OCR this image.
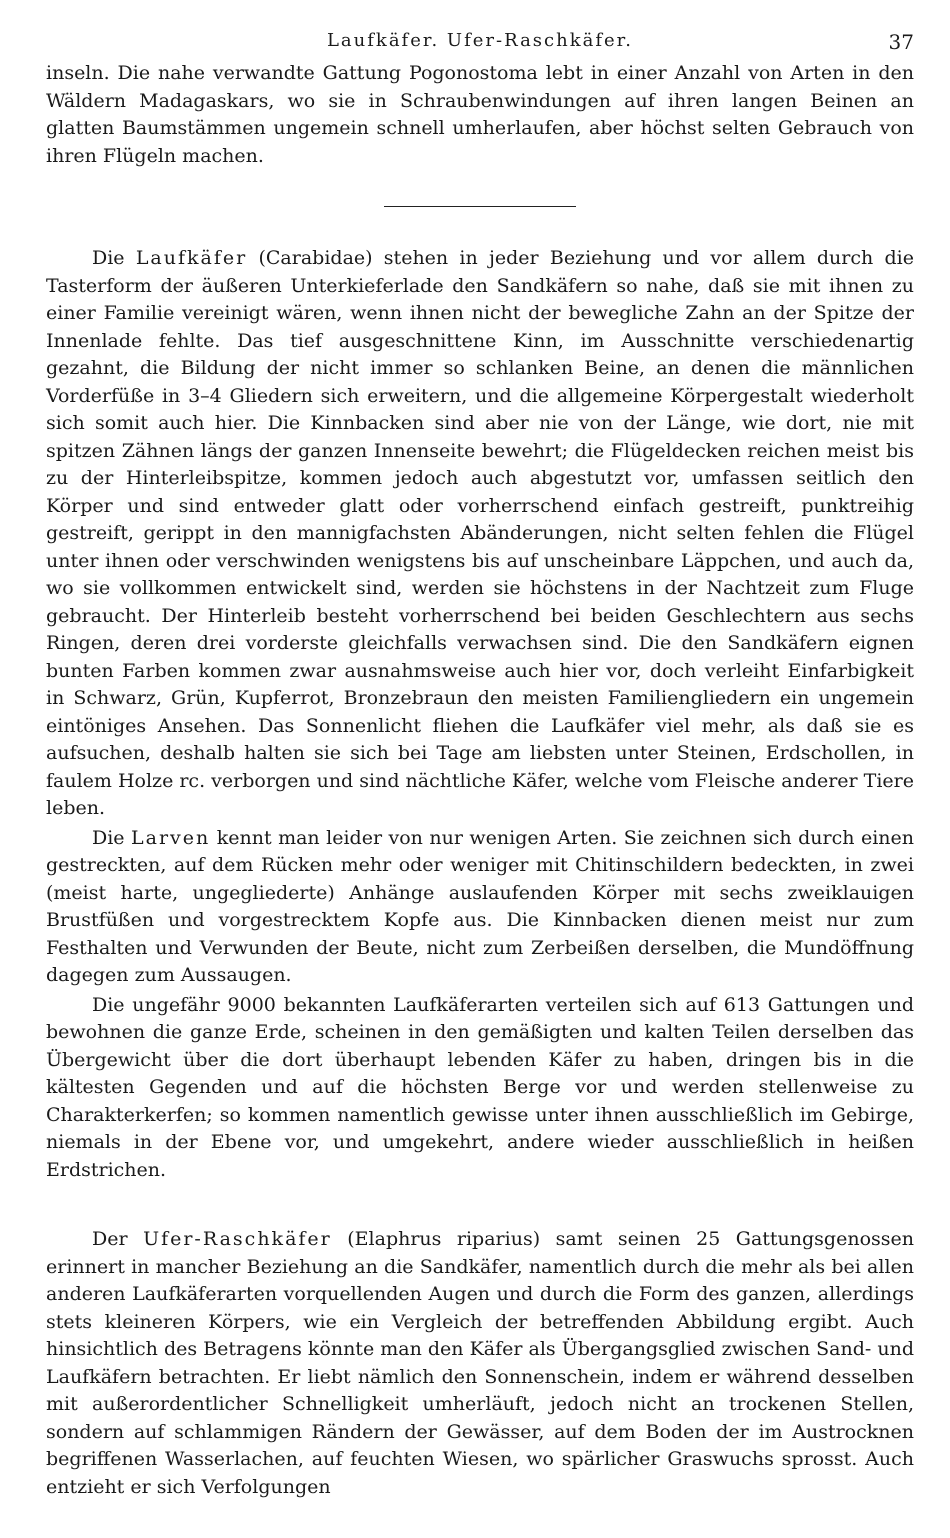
Laufkäfer. Ufer-Raschkäfer.	37

inseln. Die nahe verwandte Gattung Pogonostoma lebt in einer Anzahl von Arten in den Wäldern Madagaskars, wo sie in Schraubenwindungen auf ihren langen Beinen an glatten Baumstämmen ungemein schnell umherlaufen, aber höchst selten Gebrauch von ihren Flügeln machen.

Die Laufkäfer (Carabidae) stehen in jeder Beziehung und vor allem durch die Tasterform der äußeren Unterkieferlade den Sandkäfern so nahe, daß sie mit ihnen zu einer Familie vereinigt wären, wenn ihnen nicht der bewegliche Zahn an der Spitze der Innenlade fehlte. Das tief ausgeschnittene Kinn, im Ausschnitte verschiedenartig gezahnt, die Bildung der nicht immer so schlanken Beine, an denen die männlichen Vorderfüße in 3–4 Gliedern sich erweitern, und die allgemeine Körpergestalt wiederholt sich somit auch hier. Die Kinnbacken sind aber nie von der Länge, wie dort, nie mit spitzen Zähnen längs der ganzen Innenseite bewehrt; die Flügeldecken reichen meist bis zu der Hinterleibspitze, kommen jedoch auch abgestutzt vor, umfassen seitlich den Körper und sind entweder glatt oder vorherrschend einfach gestreift, punktreihig gestreift, gerippt in den mannigfachsten Abänderungen, nicht selten fehlen die Flügel unter ihnen oder verschwinden wenigstens bis auf unscheinbare Läppchen, und auch da, wo sie vollkommen entwickelt sind, werden sie höchstens in der Nachtzeit zum Fluge gebraucht. Der Hinterleib besteht vorherrschend bei beiden Geschlechtern aus sechs Ringen, deren drei vorderste gleichfalls verwachsen sind. Die den Sandkäfern eignen bunten Farben kommen zwar ausnahmsweise auch hier vor, doch verleiht Einfarbigkeit in Schwarz, Grün, Kupferrot, Bronzebraun den meisten Familiengliedern ein ungemein eintöniges Ansehen. Das Sonnenlicht fliehen die Laufkäfer viel mehr, als daß sie es aufsuchen, deshalb halten sie sich bei Tage am liebsten unter Steinen, Erdschollen, in faulem Holze rc. verborgen und sind nächtliche Käfer, welche vom Fleische anderer Tiere leben.

Die Larven kennt man leider von nur wenigen Arten. Sie zeichnen sich durch einen gestreckten, auf dem Rücken mehr oder weniger mit Chitinschildern bedeckten, in zwei (meist harte, ungegliederte) Anhänge auslaufenden Körper mit sechs zweiklauigen Brustfüßen und vorgestrecktem Kopfe aus. Die Kinnbacken dienen meist nur zum Festhalten und Verwunden der Beute, nicht zum Zerbeißen derselben, die Mundöffnung dagegen zum Aussaugen.

Die ungefähr 9000 bekannten Laufkäferarten verteilen sich auf 613 Gattungen und bewohnen die ganze Erde, scheinen in den gemäßigten und kalten Teilen derselben das Übergewicht über die dort überhaupt lebenden Käfer zu haben, dringen bis in die kältesten Gegenden und auf die höchsten Berge vor und werden stellenweise zu Charakterkerfen; so kommen namentlich gewisse unter ihnen ausschließlich im Gebirge, niemals in der Ebene vor, und umgekehrt, andere wieder ausschließlich in heißen Erdstrichen.

Der Ufer-Raschkäfer (Elaphrus riparius) samt seinen 25 Gattungsgenossen erinnert in mancher Beziehung an die Sandkäfer, namentlich durch die mehr als bei allen anderen Laufkäferarten vorquellenden Augen und durch die Form des ganzen, allerdings stets kleineren Körpers, wie ein Vergleich der betreffenden Abbildung ergibt. Auch hinsichtlich des Betragens könnte man den Käfer als Übergangsglied zwischen Sand- und Laufkäfern betrachten. Er liebt nämlich den Sonnenschein, indem er während desselben mit außerordentlicher Schnelligkeit umherläuft, jedoch nicht an trockenen Stellen, sondern auf schlammigen Rändern der Gewässer, auf dem Boden der im Austrocknen begriffenen Wasserlachen, auf feuchten Wiesen, wo spärlicher Graswuchs sprosst. Auch entzieht er sich Verfolgungen
